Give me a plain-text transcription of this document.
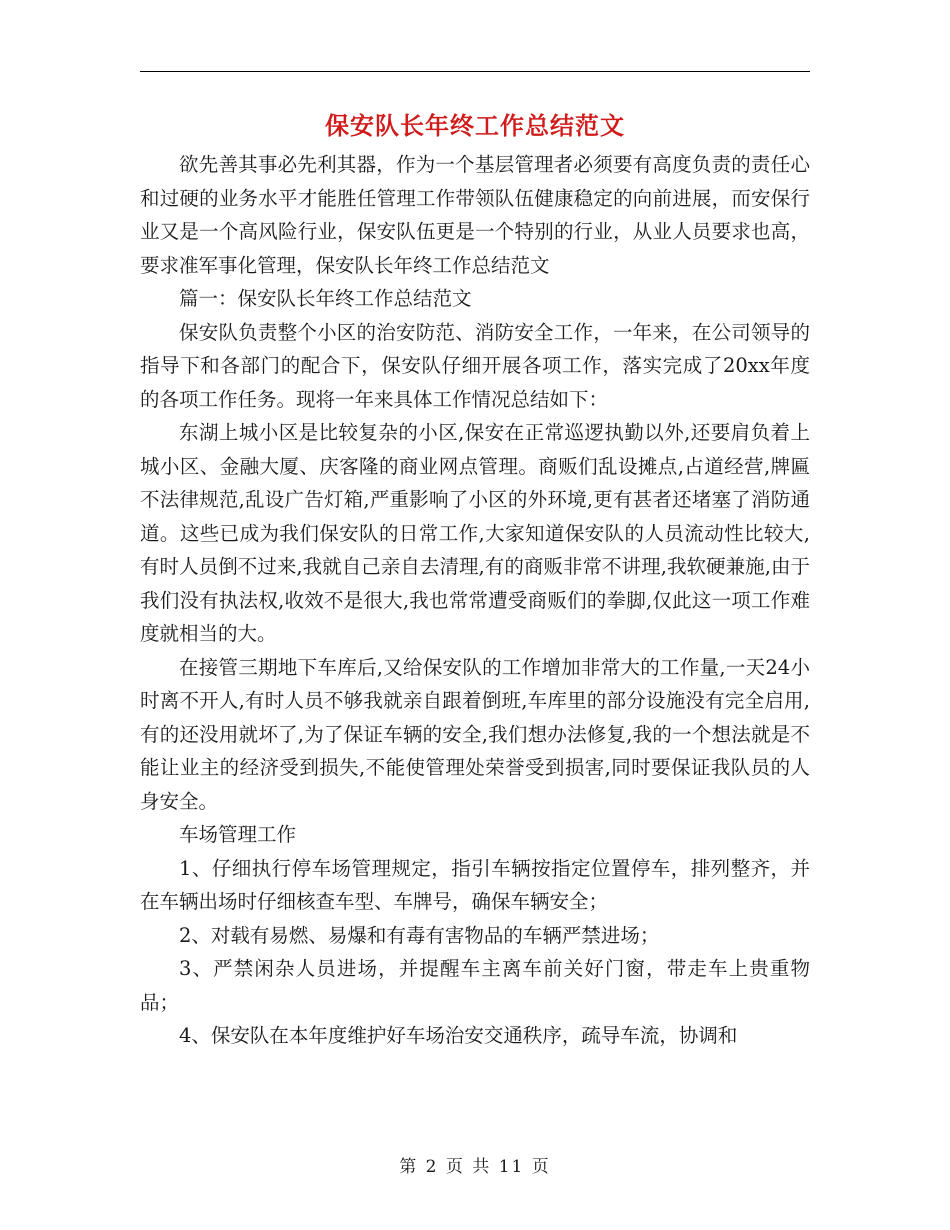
保安队长年终工作总结范文

欲先善其事必先利其器，作为一个基层管理者必须要有高度负责的责任心和过硬的业务水平才能胜任管理工作带领队伍健康稳定的向前进展，而安保行业又是一个高风险行业，保安队伍更是一个特别的行业，从业人员要求也高，要求准军事化管理，保安队长年终工作总结范文

篇一：保安队长年终工作总结范文

保安队负责整个小区的治安防范、消防安全工作，一年来，在公司领导的指导下和各部门的配合下，保安队仔细开展各项工作，落实完成了20xx年度的各项工作任务。现将一年来具体工作情况总结如下：

东湖上城小区是比较复杂的小区,保安在正常巡逻执勤以外,还要肩负着上城小区、金融大厦、庆客隆的商业网点管理。商贩们乱设摊点,占道经营,牌匾不法律规范,乱设广告灯箱,严重影响了小区的外环境,更有甚者还堵塞了消防通道。这些已成为我们保安队的日常工作,大家知道保安队的人员流动性比较大,有时人员倒不过来,我就自己亲自去清理,有的商贩非常不讲理,我软硬兼施,由于我们没有执法权,收效不是很大,我也常常遭受商贩们的拳脚,仅此这一项工作难度就相当的大。

在接管三期地下车库后,又给保安队的工作增加非常大的工作量,一天24小时离不开人,有时人员不够我就亲自跟着倒班,车库里的部分设施没有完全启用,有的还没用就坏了,为了保证车辆的安全,我们想办法修复,我的一个想法就是不能让业主的经济受到损失,不能使管理处荣誉受到损害,同时要保证我队员的人身安全。

车场管理工作

1、仔细执行停车场管理规定，指引车辆按指定位置停车，排列整齐，并在车辆出场时仔细核查车型、车牌号，确保车辆安全；

2、对载有易燃、易爆和有毒有害物品的车辆严禁进场；

3、严禁闲杂人员进场，并提醒车主离车前关好门窗，带走车上贵重物品；

4、保安队在本年度维护好车场治安交通秩序，疏导车流，协调和

第 2 页 共 11 页
